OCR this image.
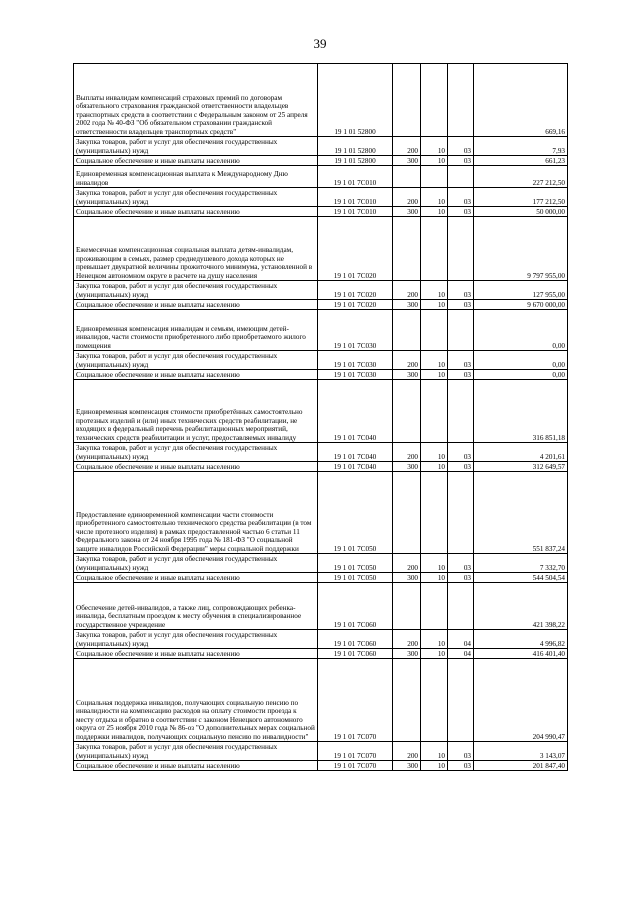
39
Выплаты инвалидам компенсаций страховых премий по договорам обязательного страхования гражданской ответственности владельцев транспортных средств в соответствии с Федеральным законом от 25 апреля 2002 года № 40-ФЗ "Об обязательном страховании гражданской ответственности владельцев транспортных средств"	19 1 01 52800				669,16
Закупка товаров, работ и услуг для обеспечения государственных (муниципальных) нужд	19 1 01 52800	200	10	03	7,93
Социальное обеспечение и иные выплаты населению	19 1 01 52800	300	10	03	661,23
Единовременная компенсационная выплата к Международному Дню инвалидов	19 1 01 7С010				227 212,50
Закупка товаров, работ и услуг для обеспечения государственных (муниципальных) нужд	19 1 01 7С010	200	10	03	177 212,50
Социальное обеспечение и иные выплаты населению	19 1 01 7С010	300	10	03	50 000,00
Ежемесячная компенсационная социальная выплата детям-инвалидам, проживающим в семьях, размер среднедушевого дохода которых не превышает двукратной величины прожиточного минимума, установленной в Ненецком автономном округе в расчете на душу населения	19 1 01 7С020				9 797 955,00
Закупка товаров, работ и услуг для обеспечения государственных (муниципальных) нужд	19 1 01 7С020	200	10	03	127 955,00
Социальное обеспечение и иные выплаты населению	19 1 01 7С020	300	10	03	9 670 000,00
Единовременная компенсация инвалидам и семьям, имеющим детей-инвалидов, части стоимости приобретенного либо приобретаемого жилого помещения	19 1 01 7С030				0,00
Закупка товаров, работ и услуг для обеспечения государственных (муниципальных) нужд	19 1 01 7С030	200	10	03	0,00
Социальное обеспечение и иные выплаты населению	19 1 01 7С030	300	10	03	0,00
Единовременная компенсация стоимости приобретённых самостоятельно протезных изделий и (или) иных технических средств реабилитации, не входящих в федеральный перечень реабилитационных мероприятий, технических средств реабилитации и услуг, предоставляемых инвалиду	19 1 01 7С040				316 851,18
Закупка товаров, работ и услуг для обеспечения государственных (муниципальных) нужд	19 1 01 7С040	200	10	03	4 201,61
Социальное обеспечение и иные выплаты населению	19 1 01 7С040	300	10	03	312 649,57
Предоставление единовременной компенсации части стоимости приобретенного самостоятельно технического средства реабилитации (в том числе протезного изделия) в рамках предоставленной частью 6 статьи 11 Федерального закона от 24 ноября 1995 года № 181-ФЗ "О социальной защите инвалидов Российской Федерации" меры социальной поддержки	19 1 01 7С050				551 837,24
Закупка товаров, работ и услуг для обеспечения государственных (муниципальных) нужд	19 1 01 7С050	200	10	03	7 332,70
Социальное обеспечение и иные выплаты населению	19 1 01 7С050	300	10	03	544 504,54
Обеспечение детей-инвалидов, а также лиц, сопровождающих ребенка-инвалида, бесплатным проездом к месту обучения в специализированное государственное учреждение	19 1 01 7С060				421 398,22
Закупка товаров, работ и услуг для обеспечения государственных (муниципальных) нужд	19 1 01 7С060	200	10	04	4 996,82
Социальное обеспечение и иные выплаты населению	19 1 01 7С060	300	10	04	416 401,40
Социальная поддержка инвалидов, получающих социальную пенсию по инвалидности на компенсацию расходов на оплату стоимости проезда к месту отдыха и обратно в соответствии с законом Ненецкого автономного округа от 25 ноября 2010 года № 86-оз "О дополнительных мерах социальной поддержки инвалидов, получающих социальную пенсию по инвалидности"	19 1 01 7С070				204 990,47
Закупка товаров, работ и услуг для обеспечения государственных (муниципальных) нужд	19 1 01 7С070	200	10	03	3 143,07
Социальное обеспечение и иные выплаты населению	19 1 01 7С070	300	10	03	201 847,40
